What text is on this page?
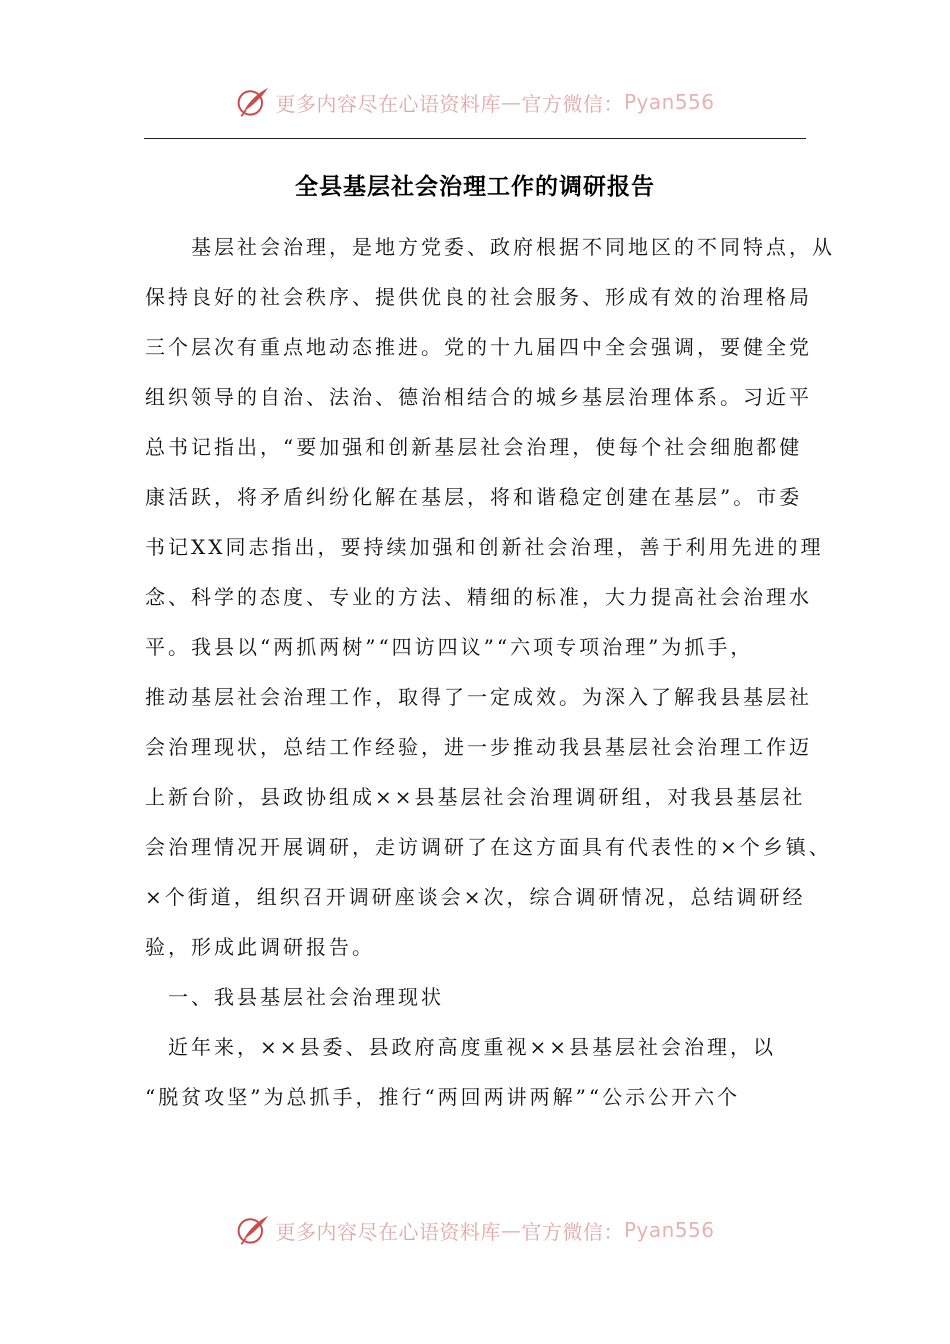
更多内容尽在心语资料库 — 官方微信： Pyan556
全县基层社会治理工作的调研报告
　　基层社会治理，是地方党委、政府根据不同地区的不同特点，从
保持良好的社会秩序、提供优良的社会服务、形成有效的治理格局
三个层次有重点地动态推进。党的十九届四中全会强调，要健全党
组织领导的自治、法治、德治相结合的城乡基层治理体系。习近平
总书记指出，“要加强和创新基层社会治理，使每个社会细胞都健
康活跃，将矛盾纠纷化解在基层，将和谐稳定创建在基层”。市委
书记XX同志指出，要持续加强和创新社会治理，善于利用先进的理
念、科学的态度、专业的方法、精细的标准，大力提高社会治理水
平。我县以“两抓两树”“四访四议”“六项专项治理”为抓手，
推动基层社会治理工作，取得了一定成效。为深入了解我县基层社
会治理现状，总结工作经验，进一步推动我县基层社会治理工作迈
上新台阶，县政协组成××县基层社会治理调研组，对我县基层社
会治理情况开展调研，走访调研了在这方面具有代表性的×个乡镇、
×个街道，组织召开调研座谈会×次，综合调研情况，总结调研经
验，形成此调研报告。
　一、我县基层社会治理现状
　近年来，××县委、县政府高度重视××县基层社会治理，以
“脱贫攻坚”为总抓手，推行“两回两讲两解”“公示公开六个
更多内容尽在心语资料库 — 官方微信： Pyan556
